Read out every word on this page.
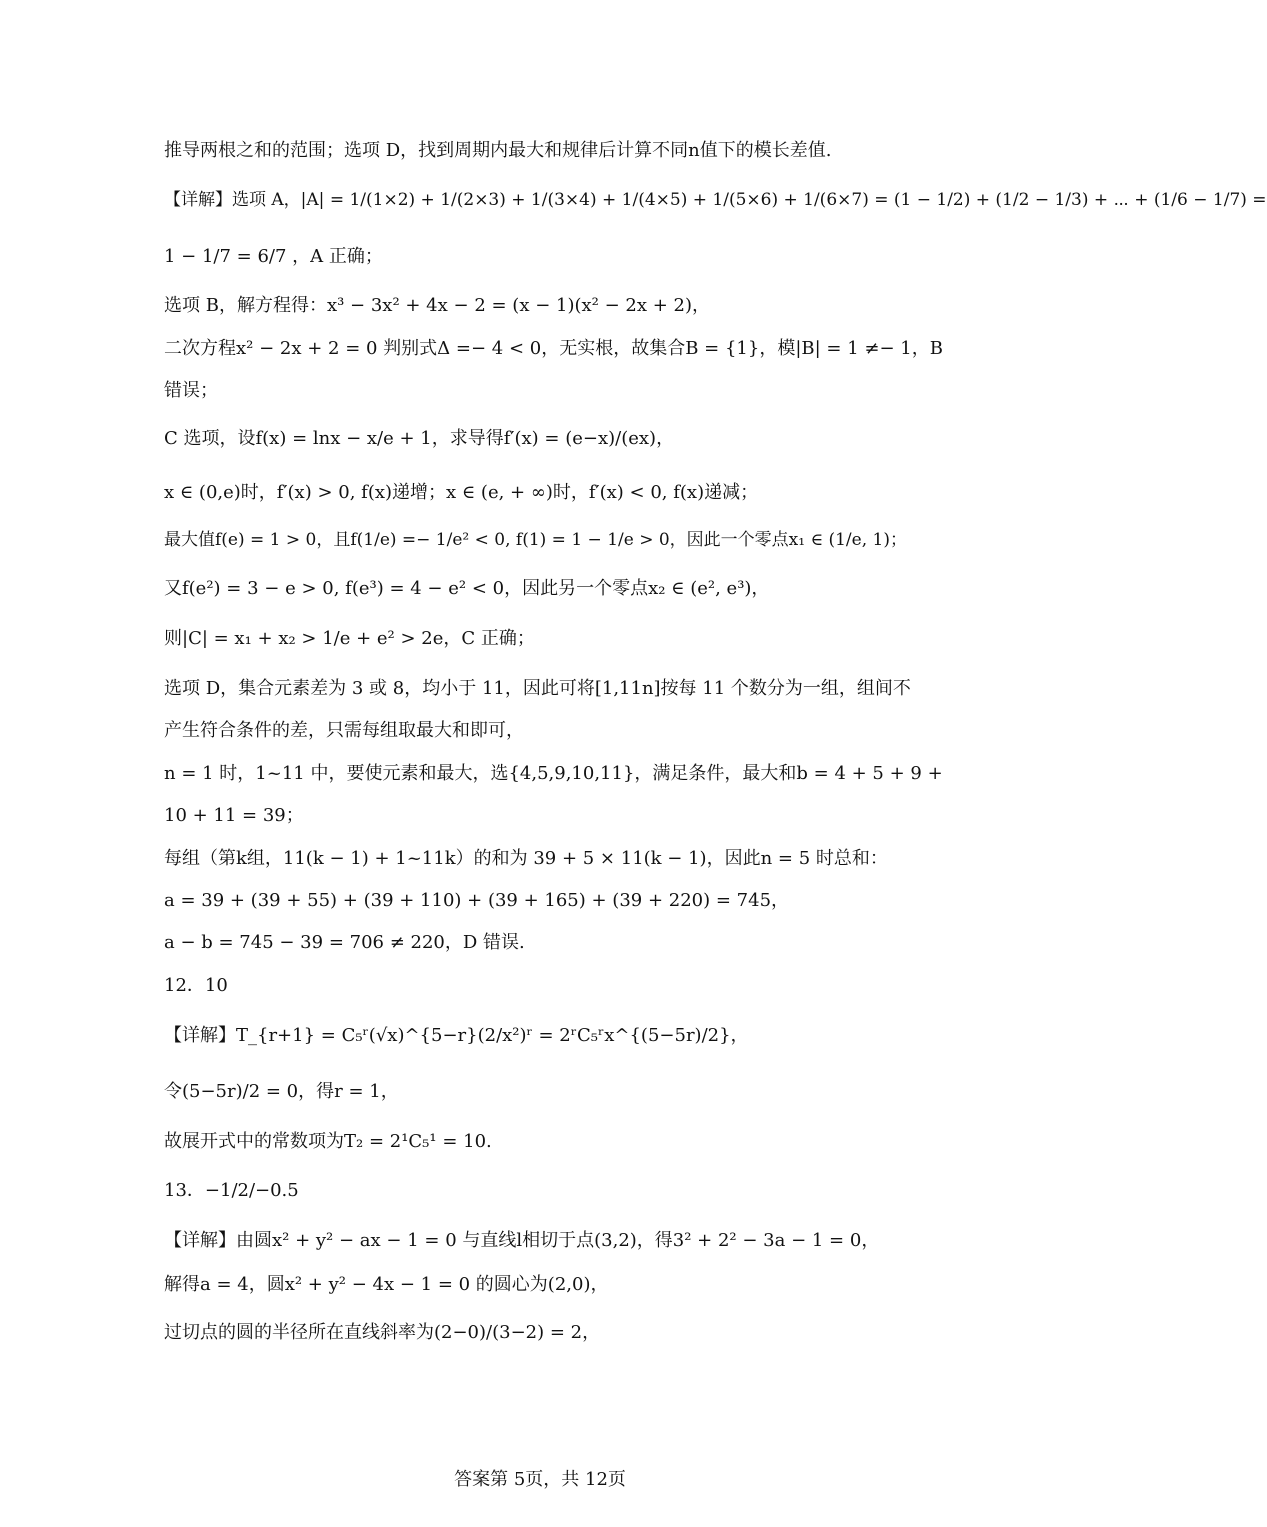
推导两根之和的范围；选项 D，找到周期内最大和规律后计算不同n值下的模长差值.
【详解】选项 A，|A| = 1/(1×2) + 1/(2×3) + 1/(3×4) + 1/(4×5) + 1/(5×6) + 1/(6×7) = (1 − 1/2) + (1/2 − 1/3) + ⋯ + (1/6 − 1/7) =
1 − 1/7 = 6/7 ，A 正确；
选项 B，解方程得：x³ − 3x² + 4x − 2 = (x − 1)(x² − 2x + 2)，
二次方程x² − 2x + 2 = 0 判别式Δ =− 4 < 0，无实根，故集合B = {1}，模|B| = 1 ≠− 1，B
错误；
C 选项，设f(x) = lnx − x/e + 1，求导得f′(x) = (e−x)/(ex)，
x ∈ (0,e)时，f′(x) > 0, f(x)递增；x ∈ (e, + ∞)时，f′(x) < 0, f(x)递减；
最大值f(e) = 1 > 0，且f(1/e) =− 1/e² < 0, f(1) = 1 − 1/e > 0，因此一个零点x₁ ∈ (1/e, 1)；
又f(e²) = 3 − e > 0, f(e³) = 4 − e² < 0，因此另一个零点x₂ ∈ (e², e³)，
则|C| = x₁ + x₂ > 1/e + e² > 2e，C 正确；
选项 D，集合元素差为 3 或 8，均小于 11，因此可将[1,11n]按每 11 个数分为一组，组间不
产生符合条件的差，只需每组取最大和即可，
n = 1 时，1~11 中，要使元素和最大，选{4,5,9,10,11}，满足条件，最大和b = 4 + 5 + 9 +
10 + 11 = 39；
每组（第k组，11(k − 1) + 1~11k）的和为 39 + 5 × 11(k − 1)，因此n = 5 时总和：
a = 39 + (39 + 55) + (39 + 110) + (39 + 165) + (39 + 220) = 745，
a − b = 745 − 39 = 706 ≠ 220，D 错误.
12．10
【详解】T_{r+1} = C₅ʳ(√x)^{5−r}(2/x²)ʳ = 2ʳC₅ʳx^{(5−5r)/2}，
令(5−5r)/2 = 0，得r = 1，
故展开式中的常数项为T₂ = 2¹C₅¹ = 10.
13．−1/2/−0.5
【详解】由圆x² + y² − ax − 1 = 0 与直线l相切于点(3,2)，得3² + 2² − 3a − 1 = 0，
解得a = 4，圆x² + y² − 4x − 1 = 0 的圆心为(2,0)，
过切点的圆的半径所在直线斜率为(2−0)/(3−2) = 2，
答案第 5页，共 12页
